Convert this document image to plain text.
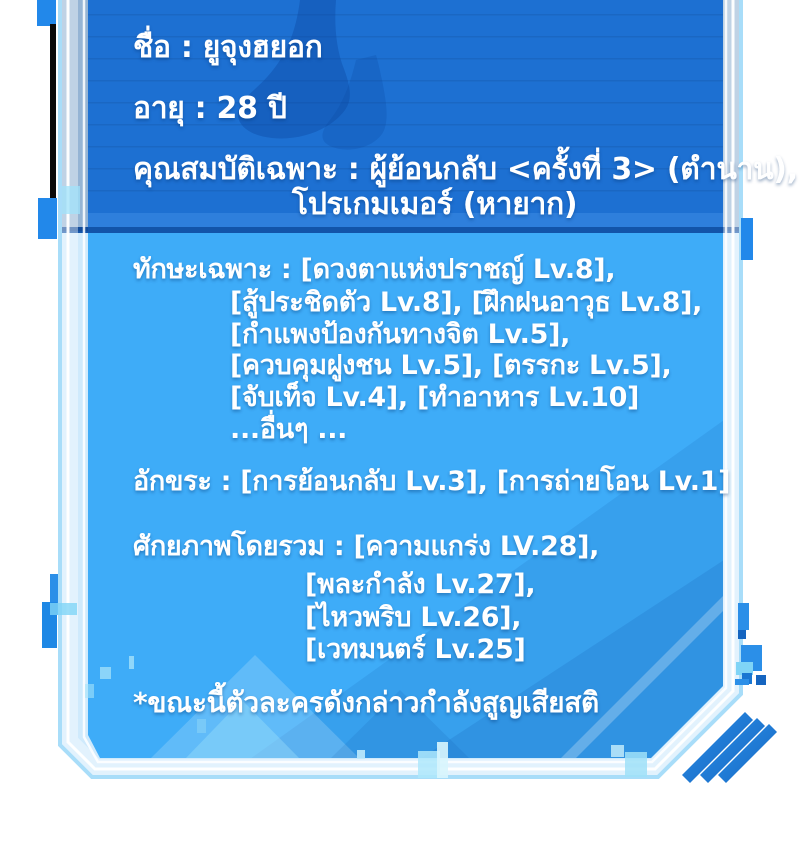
ชื่อ : ยูจุงฮยอก
อายุ : 28 ปี
คุณสมบัติเฉพาะ : ผู้ย้อนกลับ <ครั้งที่ 3> (ตำนาน),
โปรเกมเมอร์ (หายาก)
ทักษะเฉพาะ : [ดวงตาแห่งปราชญ์ Lv.8],
[สู้ประชิดตัว Lv.8], [ฝึกฝนอาวุธ Lv.8],
[กำแพงป้องกันทางจิต Lv.5],
[ควบคุมฝูงชน Lv.5], [ตรรกะ Lv.5],
[จับเท็จ Lv.4], [ทำอาหาร Lv.10]
...อื่นๆ ...
อักขระ : [การย้อนกลับ Lv.3], [การถ่ายโอน Lv.1]
ศักยภาพโดยรวม : [ความแกร่ง LV.28],
[พละกำลัง Lv.27],
[ไหวพริบ Lv.26],
[เวทมนตร์ Lv.25]
*ขณะนี้ตัวละครดังกล่าวกำลังสูญเสียสติ
